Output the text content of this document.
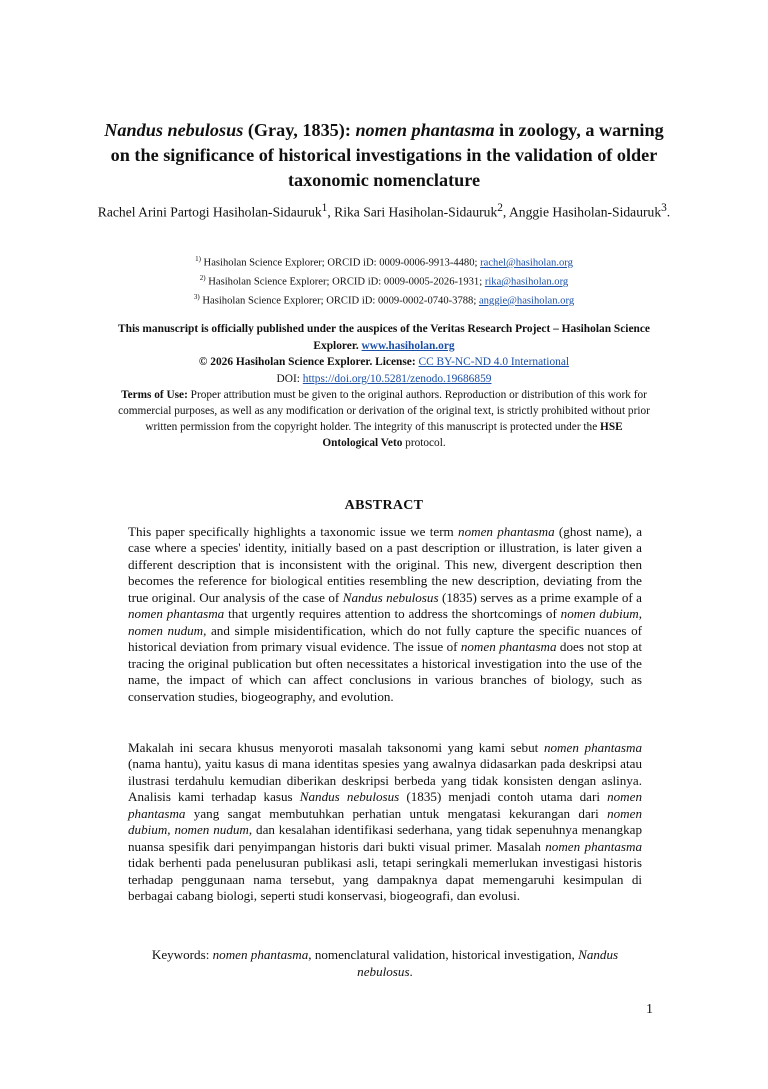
Nandus nebulosus (Gray, 1835): nomen phantasma in zoology, a warning on the significance of historical investigations in the validation of older taxonomic nomenclature
Rachel Arini Partogi Hasiholan-Sidauruk$^1$, Rika Sari Hasiholan-Sidauruk$^2$, Anggie Hasiholan-Sidauruk$^3$.
$^{1)}$ Hasiholan Science Explorer; ORCID iD: 0009-0006-9913-4480; rachel@hasiholan.org
$^{2)}$ Hasiholan Science Explorer; ORCID iD: 0009-0005-2026-1931; rika@hasiholan.org
$^{3)}$ Hasiholan Science Explorer; ORCID iD: 0009-0002-0740-3788; anggie@hasiholan.org
This manuscript is officially published under the auspices of the Veritas Research Project – Hasiholan Science Explorer. www.hasiholan.org
© 2026 Hasiholan Science Explorer. License: CC BY-NC-ND 4.0 International
DOI: https://doi.org/10.5281/zenodo.19686859
Terms of Use: Proper attribution must be given to the original authors. Reproduction or distribution of this work for commercial purposes, as well as any modification or derivation of the original text, is strictly prohibited without prior written permission from the copyright holder. The integrity of this manuscript is protected under the HSE Ontological Veto protocol.
ABSTRACT
This paper specifically highlights a taxonomic issue we term nomen phantasma (ghost name), a case where a species' identity, initially based on a past description or illustration, is later given a different description that is inconsistent with the original. This new, divergent description then becomes the reference for biological entities resembling the new description, deviating from the true original. Our analysis of the case of Nandus nebulosus (1835) serves as a prime example of a nomen phantasma that urgently requires attention to address the shortcomings of nomen dubium, nomen nudum, and simple misidentification, which do not fully capture the specific nuances of historical deviation from primary visual evidence. The issue of nomen phantasma does not stop at tracing the original publication but often necessitates a historical investigation into the use of the name, the impact of which can affect conclusions in various branches of biology, such as conservation studies, biogeography, and evolution.
Makalah ini secara khusus menyoroti masalah taksonomi yang kami sebut nomen phantasma (nama hantu), yaitu kasus di mana identitas spesies yang awalnya didasarkan pada deskripsi atau ilustrasi terdahulu kemudian diberikan deskripsi berbeda yang tidak konsisten dengan aslinya. Analisis kami terhadap kasus Nandus nebulosus (1835) menjadi contoh utama dari nomen phantasma yang sangat membutuhkan perhatian untuk mengatasi kekurangan dari nomen dubium, nomen nudum, dan kesalahan identifikasi sederhana, yang tidak sepenuhnya menangkap nuansa spesifik dari penyimpangan historis dari bukti visual primer. Masalah nomen phantasma tidak berhenti pada penelusuran publikasi asli, tetapi seringkali memerlukan investigasi historis terhadap penggunaan nama tersebut, yang dampaknya dapat memengaruhi kesimpulan di berbagai cabang biologi, seperti studi konservasi, biogeografi, dan evolusi.
Keywords: nomen phantasma, nomenclatural validation, historical investigation, Nandus nebulosus.
1
